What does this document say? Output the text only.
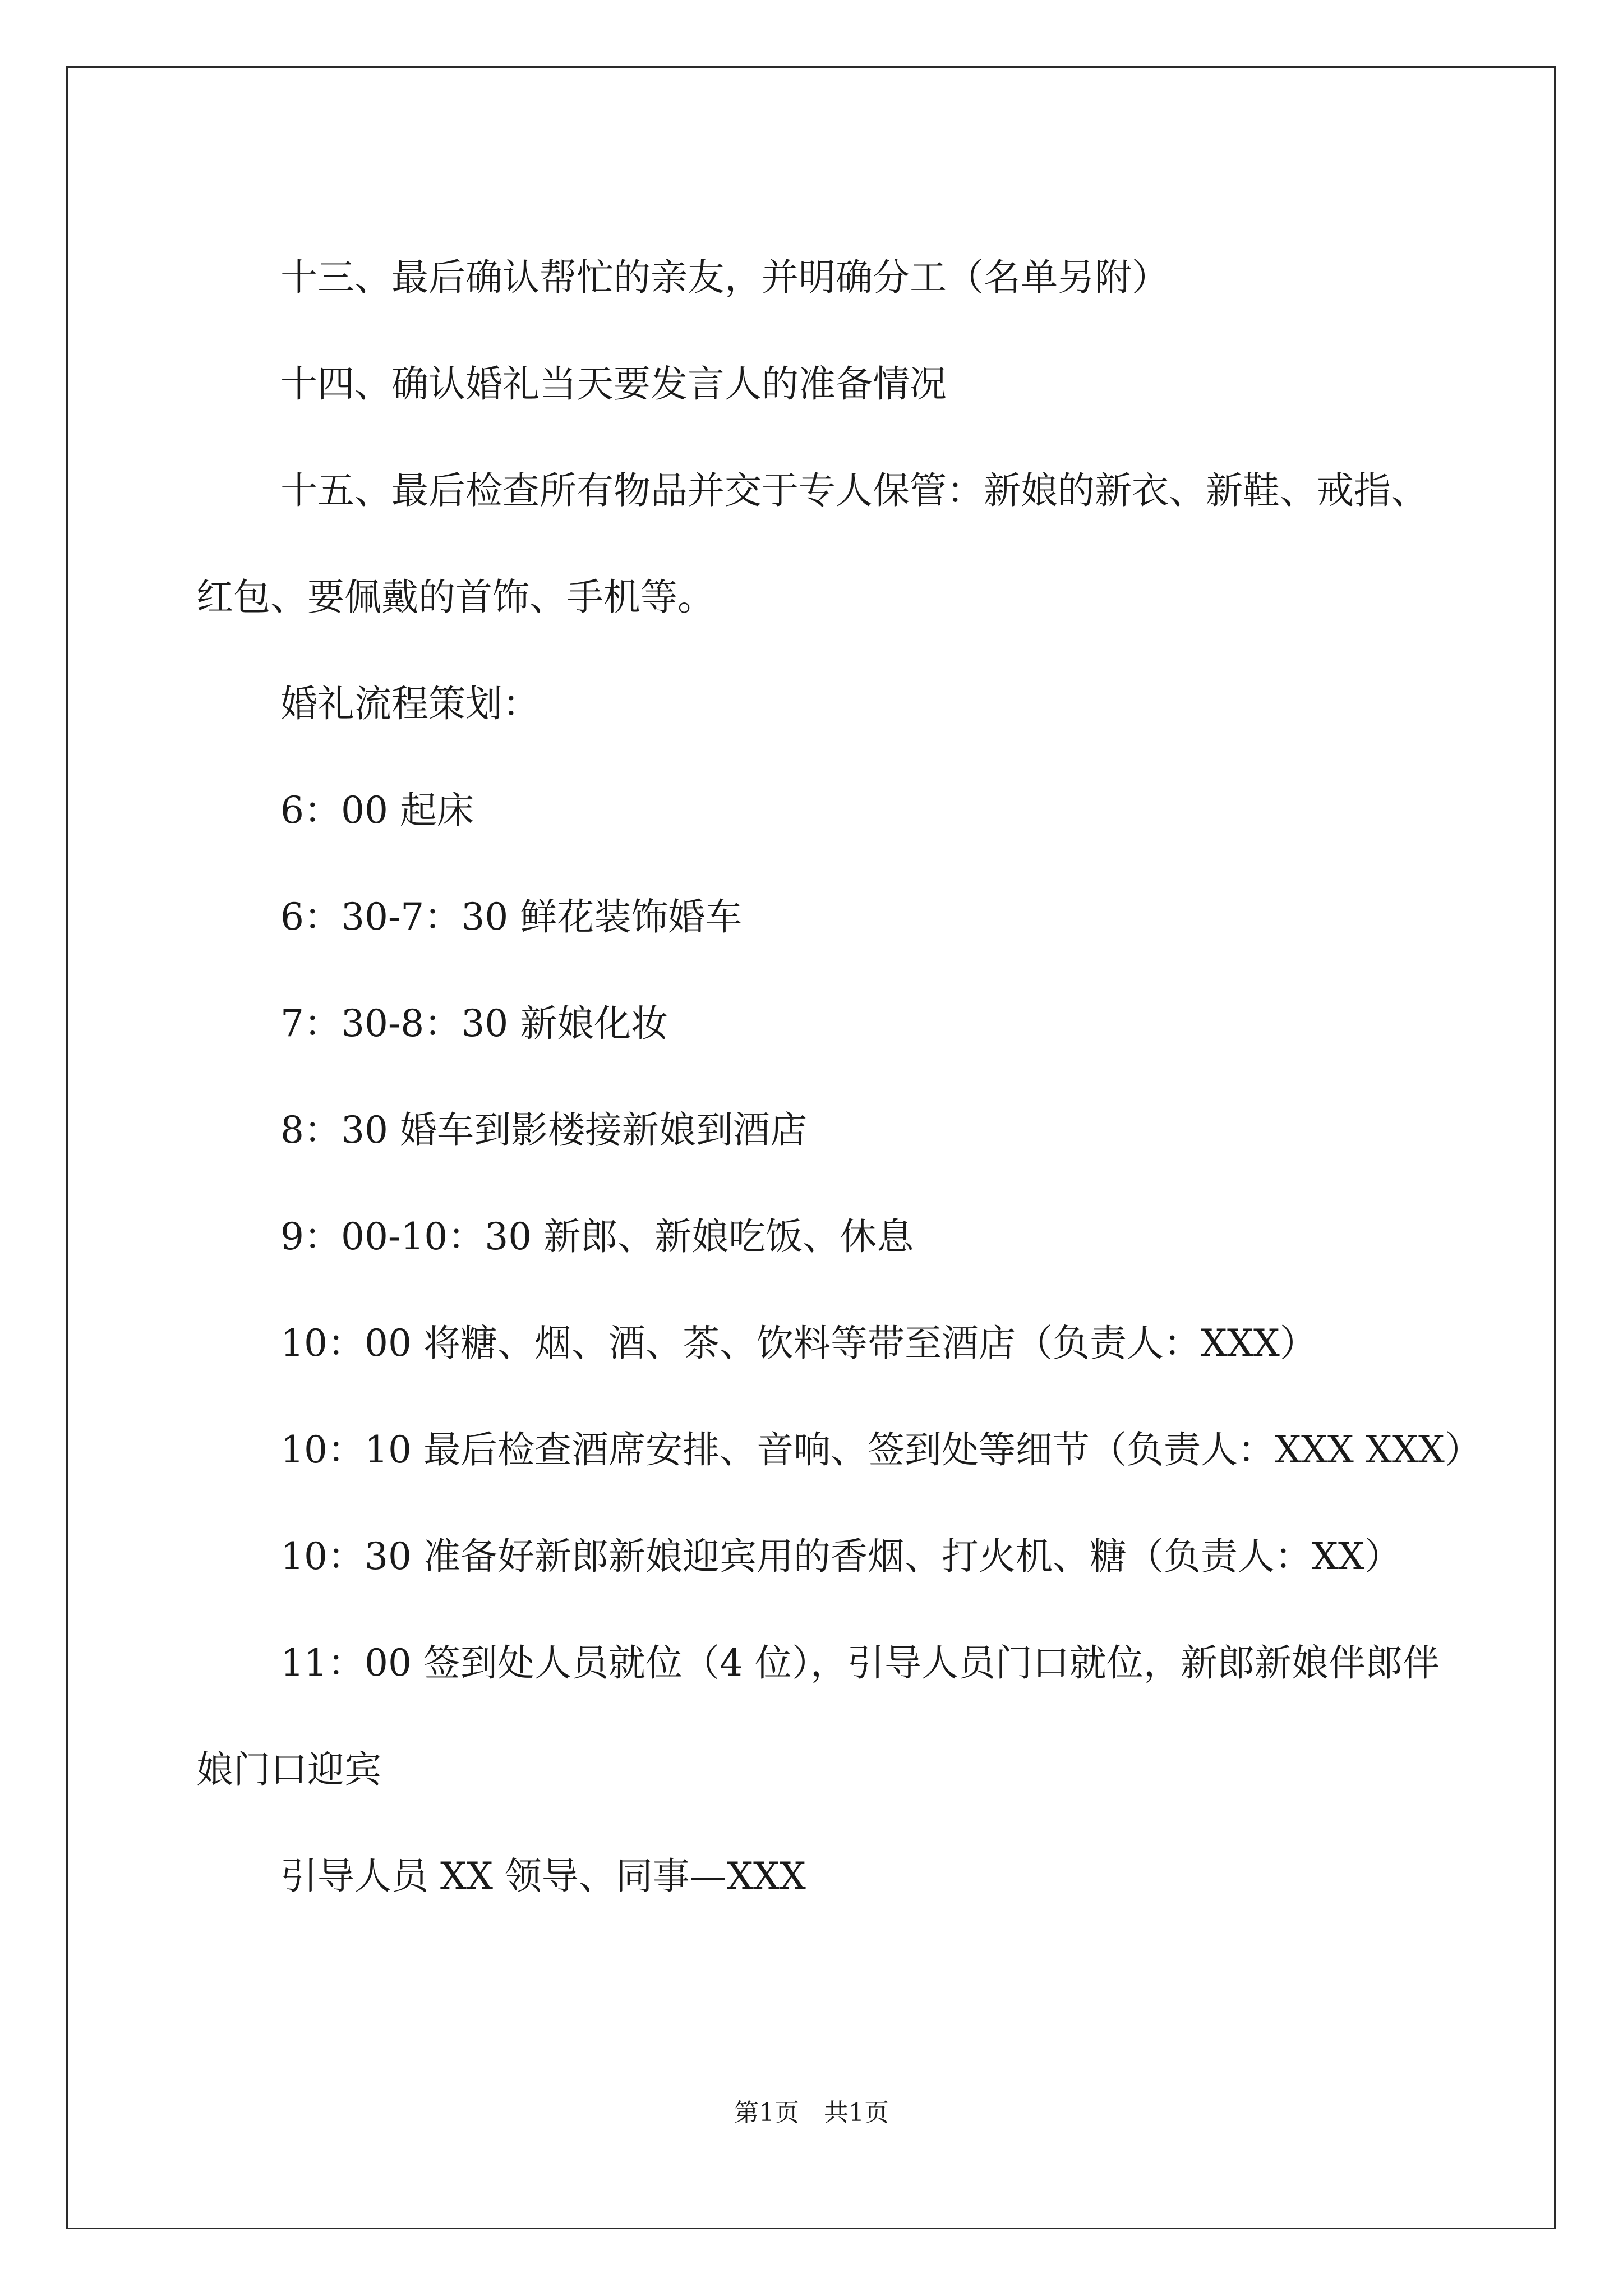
十三、最后确认帮忙的亲友，并明确分工（名单另附）

十四、确认婚礼当天要发言人的准备情况

十五、最后检查所有物品并交于专人保管：新娘的新衣、新鞋、戒指、红包、要佩戴的首饰、手机等。

婚礼流程策划：

6：00 起床

6：30-7：30 鲜花装饰婚车

7：30-8：30 新娘化妆

8：30 婚车到影楼接新娘到酒店

9：00-10：30 新郎、新娘吃饭、休息

10：00 将糖、烟、酒、茶、饮料等带至酒店（负责人：XXX）

10：10 最后检查酒席安排、音响、签到处等细节（负责人：XXX XXX）

10：30 准备好新郎新娘迎宾用的香烟、打火机、糖（负责人：XX）

11：00 签到处人员就位（4 位），引导人员门口就位，新郎新娘伴郎伴娘门口迎宾

引导人员 XX 领导、同事—XXX

第1页　共1页
